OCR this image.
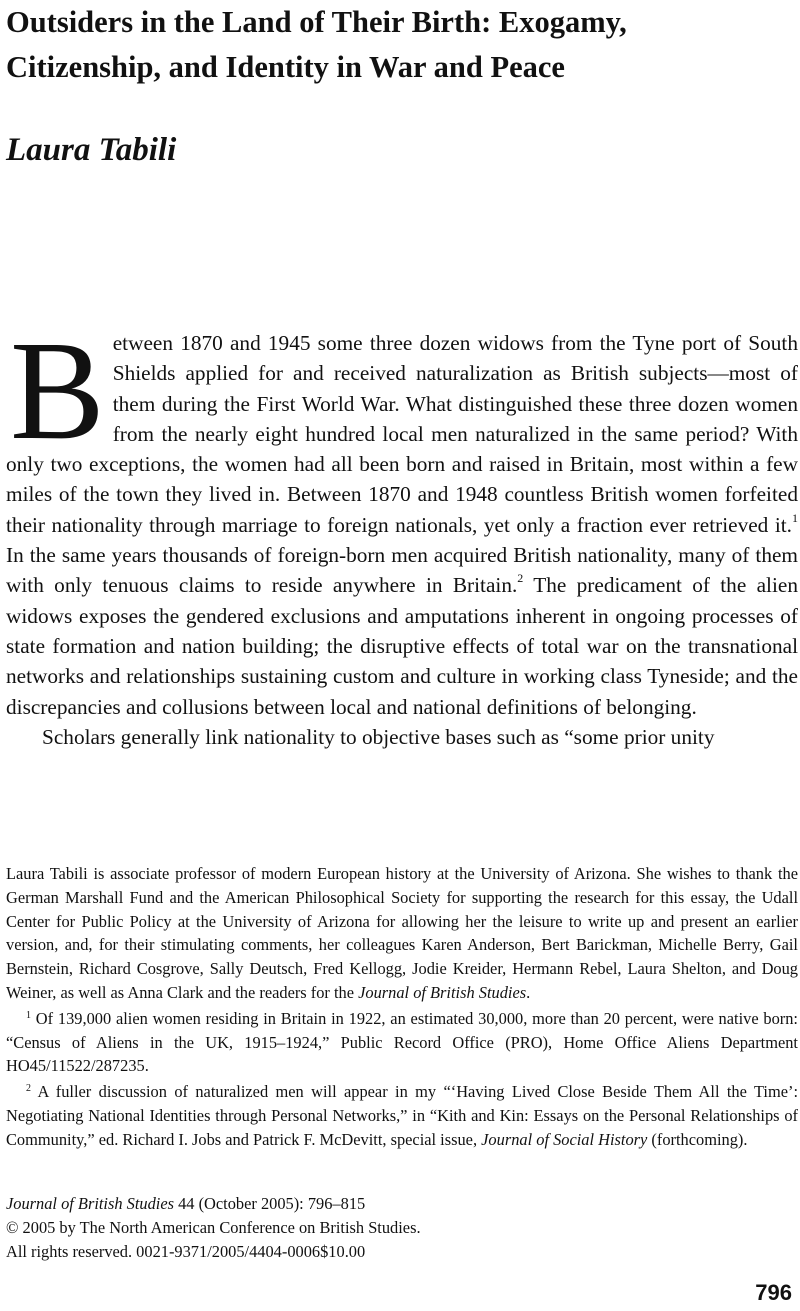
Outsiders in the Land of Their Birth: Exogamy,
Citizenship, and Identity in War and Peace
Laura Tabili

Between 1870 and 1945 some three dozen widows from the Tyne port of South Shields applied for and received naturalization as British subjects—most of them during the First World War. What distinguished these three dozen women from the nearly eight hundred local men naturalized in the same period? With only two exceptions, the women had all been born and raised in Britain, most within a few miles of the town they lived in. Between 1870 and 1948 countless British women forfeited their nationality through marriage to foreign nationals, yet only a fraction ever retrieved it.$^1$ In the same years thousands of foreign-born men acquired British nationality, many of them with only tenuous claims to reside anywhere in Britain.$^2$ The predicament of the alien widows exposes the gendered exclusions and amputations inherent in ongoing processes of state formation and nation building; the disruptive effects of total war on the transnational networks and relationships sustaining custom and culture in working class Tyneside; and the discrepancies and collusions between local and national definitions of belonging.

Scholars generally link nationality to objective bases such as “some prior unity

Laura Tabili is associate professor of modern European history at the University of Arizona. She wishes to thank the German Marshall Fund and the American Philosophical Society for supporting the research for this essay, the Udall Center for Public Policy at the University of Arizona for allowing her the leisure to write up and present an earlier version, and, for their stimulating comments, her colleagues Karen Anderson, Bert Barickman, Michelle Berry, Gail Bernstein, Richard Cosgrove, Sally Deutsch, Fred Kellogg, Jodie Kreider, Hermann Rebel, Laura Shelton, and Doug Weiner, as well as Anna Clark and the readers for the Journal of British Studies.

$^1$ Of 139,000 alien women residing in Britain in 1922, an estimated 30,000, more than 20 percent, were native born: “Census of Aliens in the UK, 1915–1924,” Public Record Office (PRO), Home Office Aliens Department HO45/11522/287235.

$^2$ A fuller discussion of naturalized men will appear in my “‘Having Lived Close Beside Them All the Time’: Negotiating National Identities through Personal Networks,” in “Kith and Kin: Essays on the Personal Relationships of Community,” ed. Richard I. Jobs and Patrick F. McDevitt, special issue, Journal of Social History (forthcoming).

Journal of British Studies 44 (October 2005): 796–815
© 2005 by The North American Conference on British Studies.
All rights reserved. 0021-9371/2005/4404-0006$10.00
796
